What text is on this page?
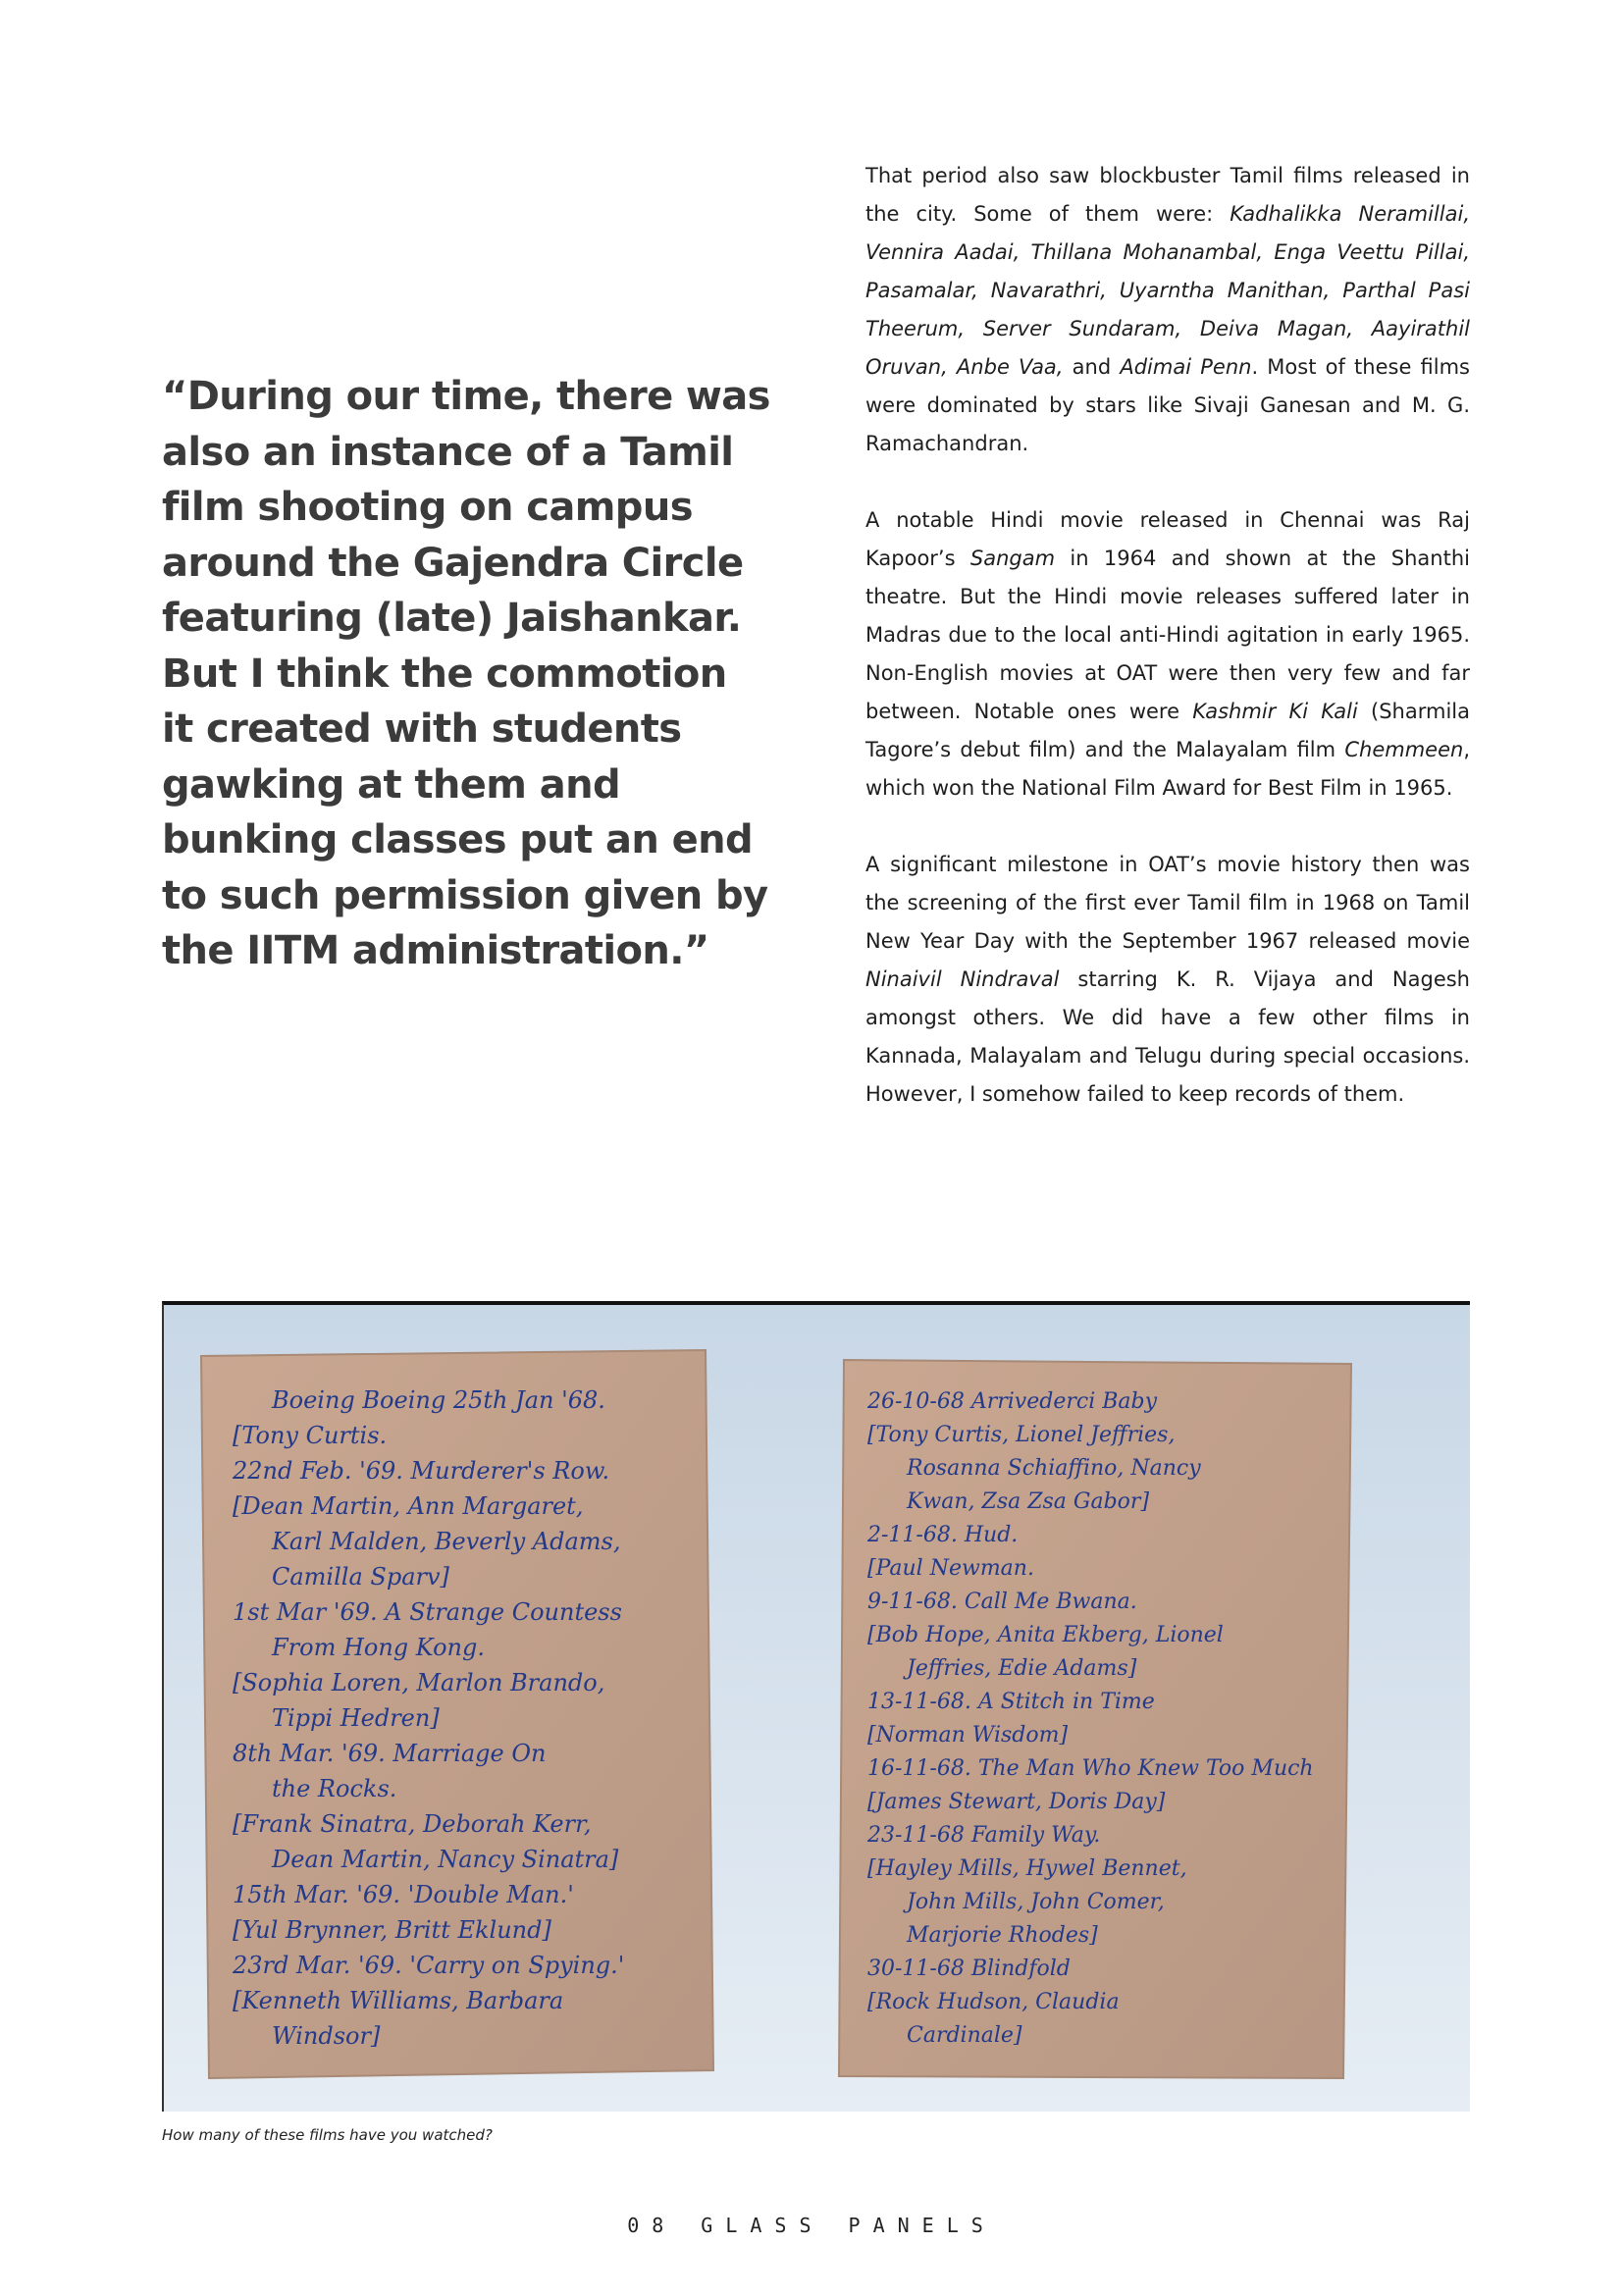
“During our time, there was also an instance of a Tamil film shooting on campus around the Gajendra Circle featuring (late) Jaishankar. But I think the commotion it created with students gawking at them and bunking classes put an end to such permission given by the IITM administration.”

That period also saw blockbuster Tamil films released in the city. Some of them were: Kadhalikka Neramillai, Vennira Aadai, Thillana Mohanambal, Enga Veettu Pillai, Pasamalar, Navarathri, Uyarntha Manithan, Parthal Pasi Theerum, Server Sundaram, Deiva Magan, Aayirathil Oruvan, Anbe Vaa, and Adimai Penn. Most of these films were dominated by stars like Sivaji Ganesan and M. G. Ramachandran.

A notable Hindi movie released in Chennai was Raj Kapoor’s Sangam in 1964 and shown at the Shanthi theatre. But the Hindi movie releases suffered later in Madras due to the local anti-Hindi agitation in early 1965. Non-English movies at OAT were then very few and far between. Notable ones were Kashmir Ki Kali (Sharmila Tagore’s debut film) and the Malayalam film Chemmeen, which won the National Film Award for Best Film in 1965.

A significant milestone in OAT’s movie history then was the screening of the first ever Tamil film in 1968 on Tamil New Year Day with the September 1967 released movie Ninaivil Nindraval starring K. R. Vijaya and Nagesh amongst others. We did have a few other films in Kannada, Malayalam and Telugu during special occasions. However, I somehow failed to keep records of them.

Boeing Boeing 25th Jan '68. [Tony Curtis. 22nd Feb. '69. Murderer's Row. [Dean Martin, Ann Margaret, Karl Malden, Beverly Adams, Camilla Sparv] 1st Mar '69. A Strange Countess From Hong Kong. [Sophia Loren, Marlon Brando, Tippi Hedren] 8th Mar. '69. Marriage On the Rocks. [Frank Sinatra, Deborah Kerr, Dean Martin, Nancy Sinatra] 15th Mar. '69. 'Double Man.' [Yul Brynner, Britt Eklund] 23rd Mar. '69. 'Carry on Spying.' [Kenneth Williams, Barbara Windsor]
26-10-68 Arrivederci Baby [Tony Curtis, Lionel Jeffries, Rosanna Schiaffino, Nancy Kwan, Zsa Zsa Gabor] 2-11-68. Hud. [Paul Newman. 9-11-68. Call Me Bwana. [Bob Hope, Anita Ekberg, Lionel Jeffries, Edie Adams] 13-11-68. A Stitch in Time [Norman Wisdom] 16-11-68. The Man Who Knew Too Much [James Stewart, Doris Day] 23-11-68 Family Way. [Hayley Mills, Hywel Bennet, John Mills, John Comer, Marjorie Rhodes] 30-11-68 Blindfold [Rock Hudson, Claudia Cardinale]
How many of these films have you watched?
08 GLASS PANELS
